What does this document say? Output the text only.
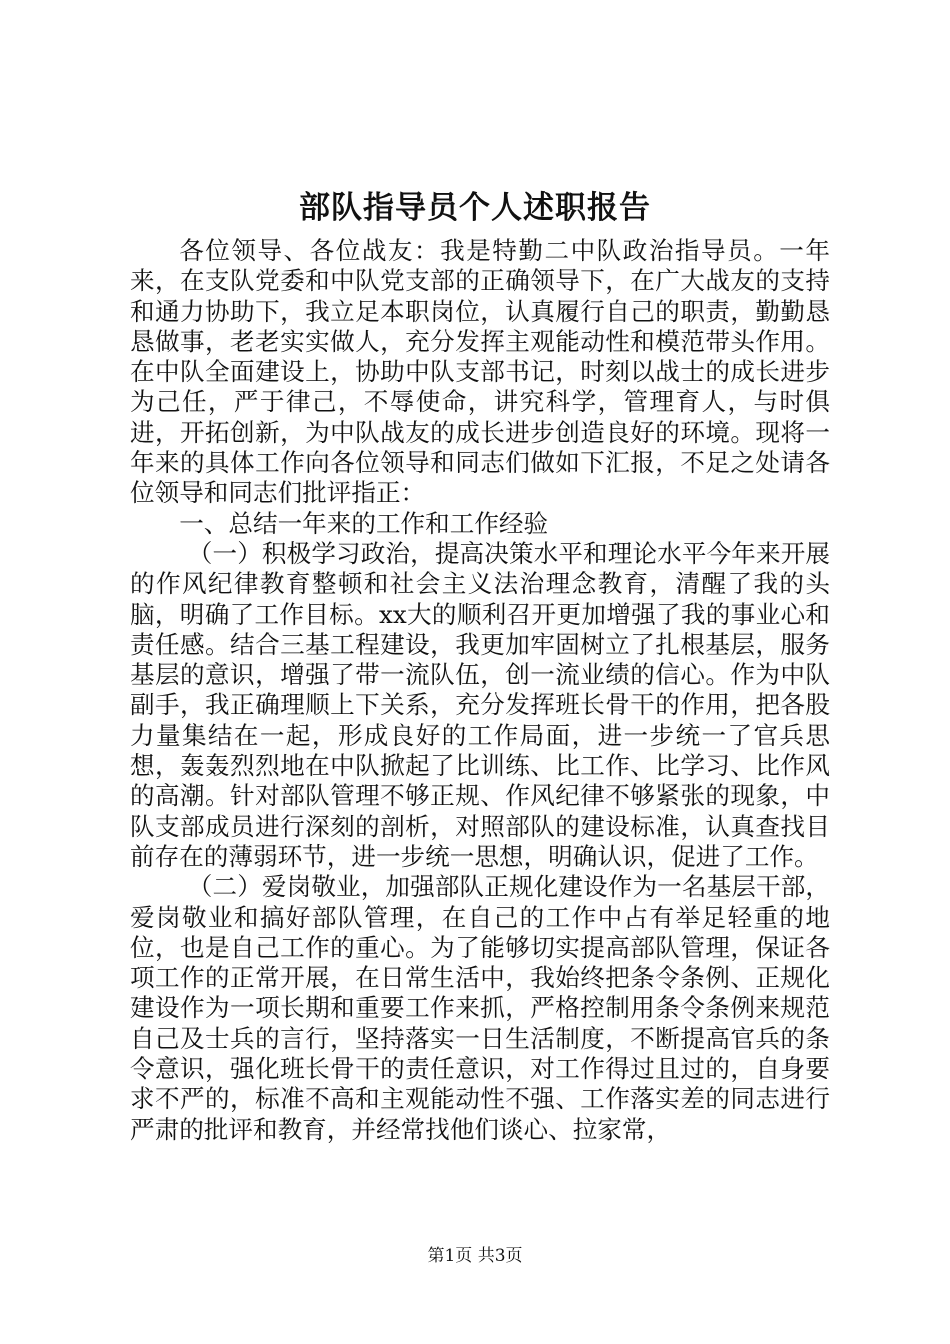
部队指导员个人述职报告

各位领导、各位战友：我是特勤二中队政治指导员。一年来，在支队党委和中队党支部的正确领导下，在广大战友的支持和通力协助下，我立足本职岗位，认真履行自己的职责，勤勤恳恳做事，老老实实做人，充分发挥主观能动性和模范带头作用。在中队全面建设上，协助中队支部书记，时刻以战士的成长进步为己任，严于律己，不辱使命，讲究科学，管理育人，与时俱进，开拓创新，为中队战友的成长进步创造良好的环境。现将一年来的具体工作向各位领导和同志们做如下汇报，不足之处请各位领导和同志们批评指正：

一、总结一年来的工作和工作经验

（一）积极学习政治，提高决策水平和理论水平今年来开展的作风纪律教育整顿和社会主义法治理念教育，清醒了我的头脑，明确了工作目标。xx大的顺利召开更加增强了我的事业心和责任感。结合三基工程建设，我更加牢固树立了扎根基层，服务基层的意识，增强了带一流队伍，创一流业绩的信心。作为中队副手，我正确理顺上下关系，充分发挥班长骨干的作用，把各股力量集结在一起，形成良好的工作局面，进一步统一了官兵思想，轰轰烈烈地在中队掀起了比训练、比工作、比学习、比作风的高潮。针对部队管理不够正规、作风纪律不够紧张的现象，中队支部成员进行深刻的剖析，对照部队的建设标准，认真查找目前存在的薄弱环节，进一步统一思想，明确认识，促进了工作。

（二）爱岗敬业，加强部队正规化建设作为一名基层干部，爱岗敬业和搞好部队管理，在自己的工作中占有举足轻重的地位，也是自己工作的重心。为了能够切实提高部队管理，保证各项工作的正常开展，在日常生活中，我始终把条令条例、正规化建设作为一项长期和重要工作来抓，严格控制用条令条例来规范自己及士兵的言行，坚持落实一日生活制度，不断提高官兵的条令意识，强化班长骨干的责任意识，对工作得过且过的，自身要求不严的，标准不高和主观能动性不强、工作落实差的同志进行严肃的批评和教育，并经常找他们谈心、拉家常，

第1页 共3页
